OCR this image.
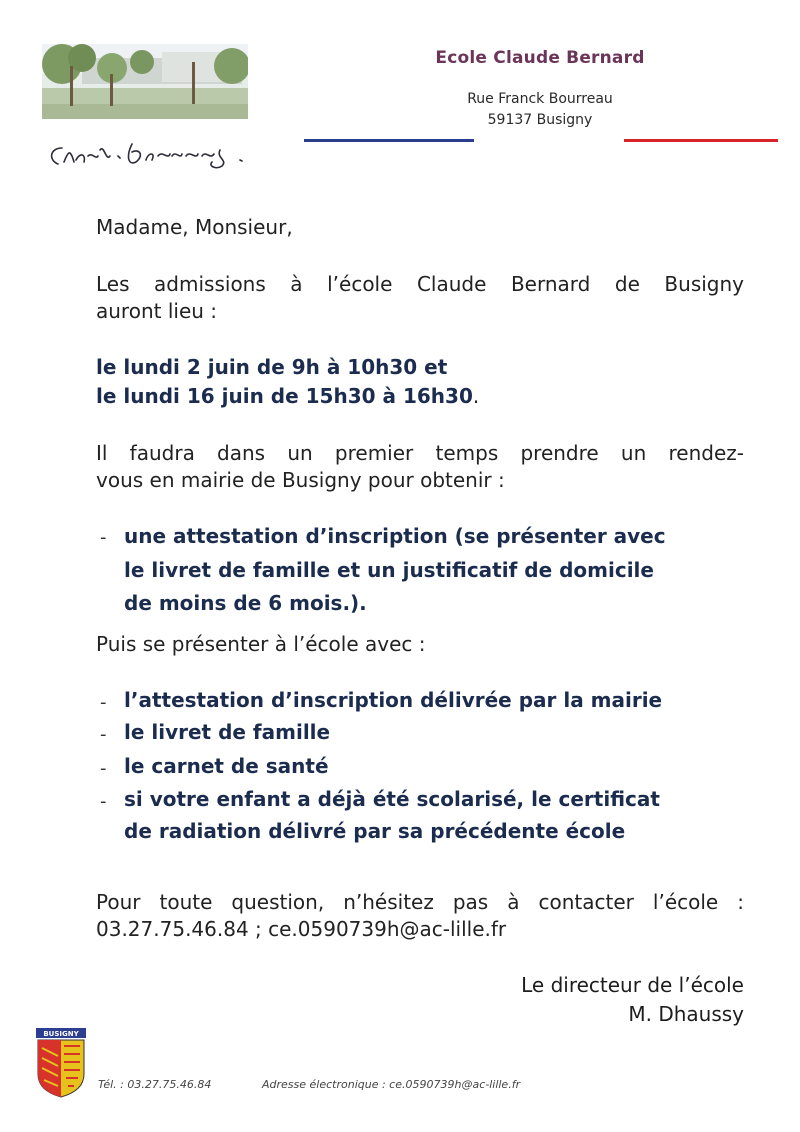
Ecole Claude Bernard
Rue Franck Bourreau
59137 Busigny
Madame, Monsieur,
Les admissions à l’école Claude Bernard de Busigny
auront lieu :
le lundi 2 juin de 9h à 10h30 et
le lundi 16 juin de 15h30 à 16h30.
Il faudra dans un premier temps prendre un rendez-
vous en mairie de Busigny pour obtenir :
- une attestation d’inscription (se présenter avec
le livret de famille et un justificatif de domicile
de moins de 6 mois.).
Puis se présenter à l’école avec :
- l’attestation d’inscription délivrée par la mairie
- le livret de famille
- le carnet de santé
- si votre enfant a déjà été scolarisé, le certificat
de radiation délivré par sa précédente école
Pour toute question, n’hésitez pas à contacter l’école :
03.27.75.46.84 ; ce.0590739h@ac-lille.fr
Le directeur de l’école
M. Dhaussy
BUSIGNY
Tél. : 03.27.75.46.84	Adresse électronique : ce.0590739h@ac-lille.fr
